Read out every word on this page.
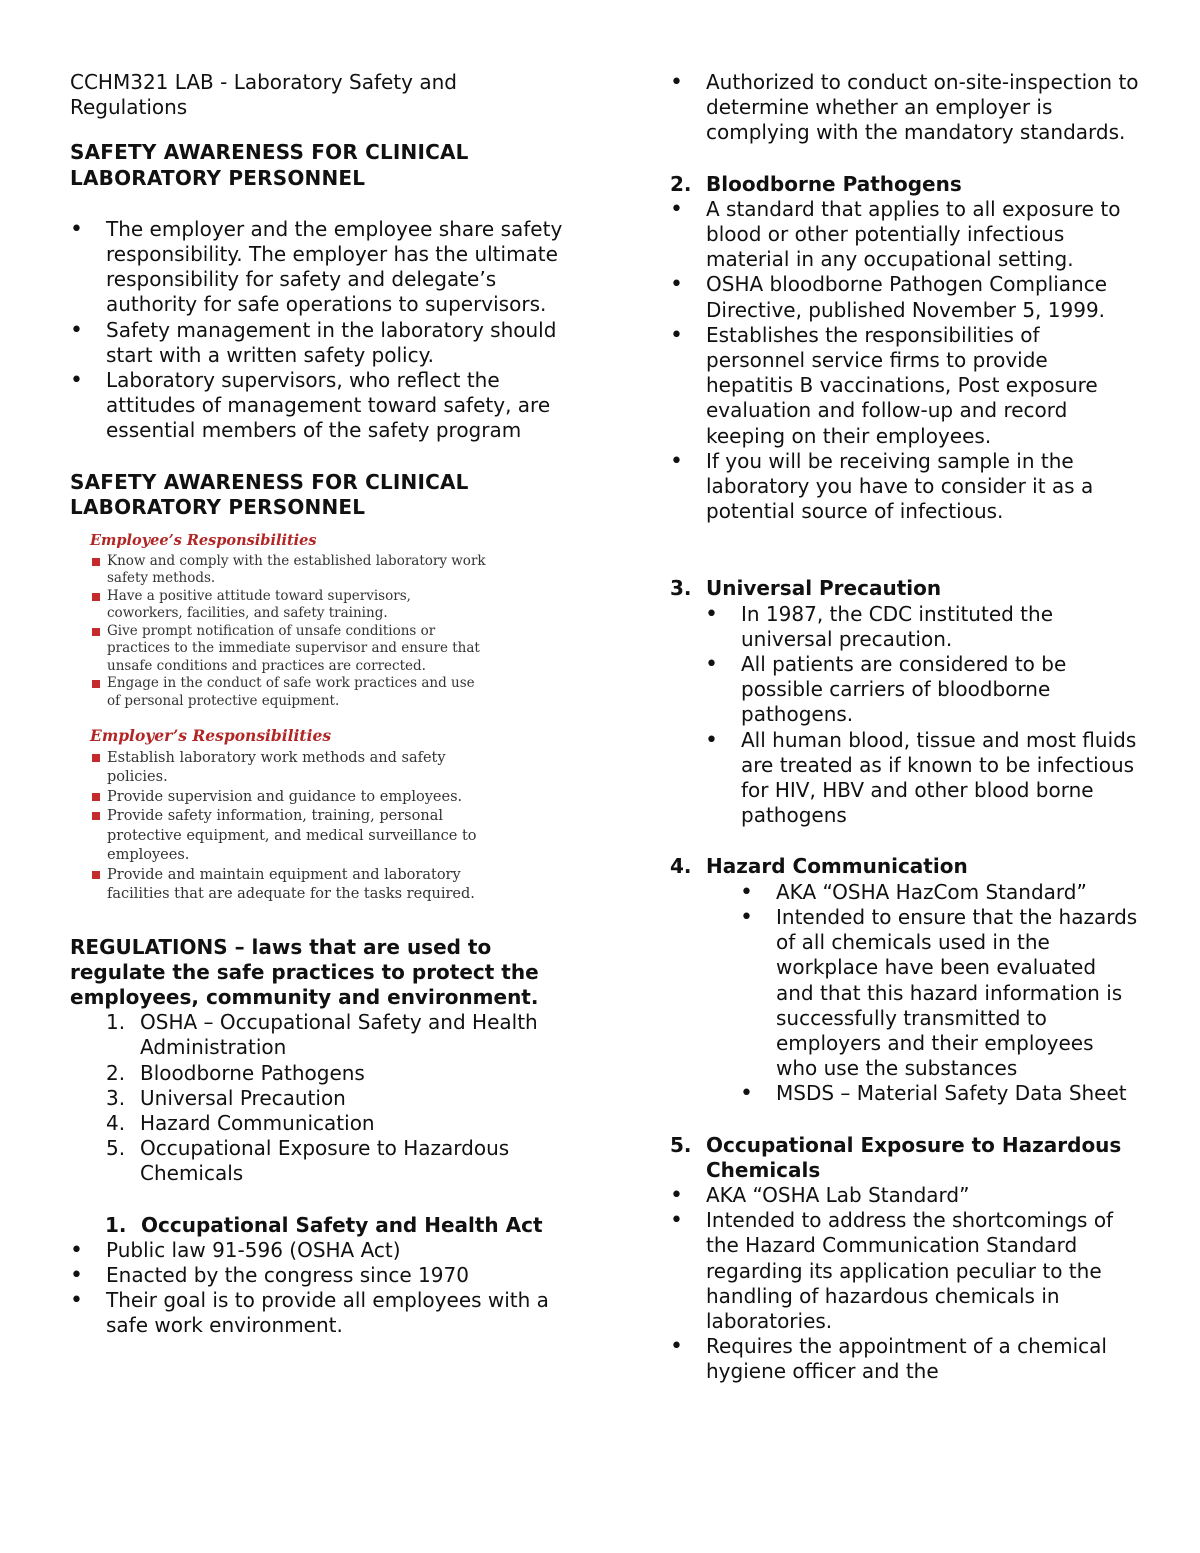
CCHM321 LAB - Laboratory Safety and Regulations

SAFETY AWARENESS FOR CLINICAL LABORATORY PERSONNEL
• The employer and the employee share safety responsibility. The employer has the ultimate responsibility for safety and delegate’s authority for safe operations to supervisors.
• Safety management in the laboratory should start with a written safety policy.
• Laboratory supervisors, who reflect the attitudes of management toward safety, are essential members of the safety program
SAFETY AWARENESS FOR CLINICAL LABORATORY PERSONNEL
Employee’s Responsibilities
Know and comply with the established laboratory work safety methods.
Have a positive attitude toward supervisors, coworkers, facilities, and safety training.
Give prompt notification of unsafe conditions or practices to the immediate supervisor and ensure that unsafe conditions and practices are corrected.
Engage in the conduct of safe work practices and use of personal protective equipment.
Employer’s Responsibilities
Establish laboratory work methods and safety policies.
Provide supervision and guidance to employees.
Provide safety information, training, personal protective equipment, and medical surveillance to employees.
Provide and maintain equipment and laboratory facilities that are adequate for the tasks required.

REGULATIONS – laws that are used to regulate the safe practices to protect the employees, community and environment.

1. OSHA – Occupational Safety and Health Administration
2. Bloodborne Pathogens
3. Universal Precaution
4. Hazard Communication
5. Occupational Exposure to Hazardous Chemicals

1. Occupational Safety and Health Act

• Public law 91-596 (OSHA Act)
• Enacted by the congress since 1970
• Their goal is to provide all employees with a safe work environment.
• Authorized to conduct on-site-inspection to determine whether an employer is complying with the mandatory standards.

2. Bloodborne Pathogens

• A standard that applies to all exposure to blood or other potentially infectious material in any occupational setting.
• OSHA bloodborne Pathogen Compliance Directive, published November 5, 1999.
• Establishes the responsibilities of personnel service firms to provide hepatitis B vaccinations, Post exposure evaluation and follow-up and record keeping on their employees.
• If you will be receiving sample in the laboratory you have to consider it as a potential source of infectious.

3. Universal Precaution

• In 1987, the CDC instituted the universal precaution.
• All patients are considered to be possible carriers of bloodborne pathogens.
• All human blood, tissue and most fluids are treated as if known to be infectious for HIV, HBV and other blood borne pathogens

4. Hazard Communication

• AKA “OSHA HazCom Standard”
• Intended to ensure that the hazards of all chemicals used in the workplace have been evaluated and that this hazard information is successfully transmitted to employers and their employees who use the substances
• MSDS – Material Safety Data Sheet

5. Occupational Exposure to Hazardous Chemicals

• AKA “OSHA Lab Standard”
• Intended to address the shortcomings of the Hazard Communication Standard regarding its application peculiar to the handling of hazardous chemicals in laboratories.
• Requires the appointment of a chemical hygiene officer and the
